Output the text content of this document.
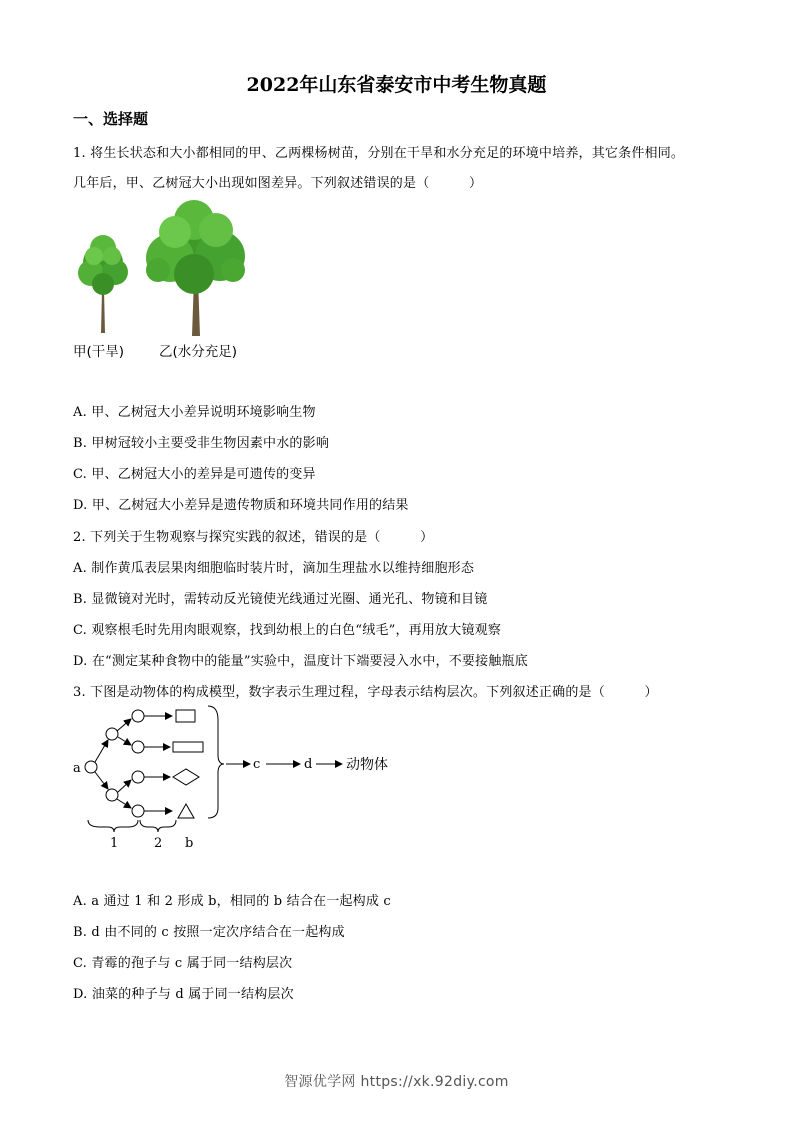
2022年山东省泰安市中考生物真题
一、选择题
1. 将生长状态和大小都相同的甲、乙两棵杨树苗，分别在干旱和水分充足的环境中培养，其它条件相同。
几年后，甲、乙树冠大小出现如图差异。下列叙述错误的是（　　　）
甲(干旱)	乙(水分充足)
A. 甲、乙树冠大小差异说明环境影响生物
B. 甲树冠较小主要受非生物因素中水的影响
C. 甲、乙树冠大小的差异是可遗传的变异
D. 甲、乙树冠大小差异是遗传物质和环境共同作用的结果
2. 下列关于生物观察与探究实践的叙述，错误的是（　　　）
A. 制作黄瓜表层果肉细胞临时装片时，滴加生理盐水以维持细胞形态
B. 显微镜对光时，需转动反光镜使光线通过光圈、通光孔、物镜和目镜
C. 观察根毛时先用肉眼观察，找到幼根上的白色“绒毛”，再用放大镜观察
D. 在“测定某种食物中的能量”实验中，温度计下端要浸入水中，不要接触瓶底
3. 下图是动物体的构成模型，数字表示生理过程，字母表示结构层次。下列叙述正确的是（　　　）
a	c	d 动物体
1	2 b
A. a 通过 1 和 2 形成 b，相同的 b 结合在一起构成 c
B. d 由不同的 c 按照一定次序结合在一起构成
C. 青霉的孢子与 c 属于同一结构层次
D. 油菜的种子与 d 属于同一结构层次
智源优学网 https://xk.92diy.com
